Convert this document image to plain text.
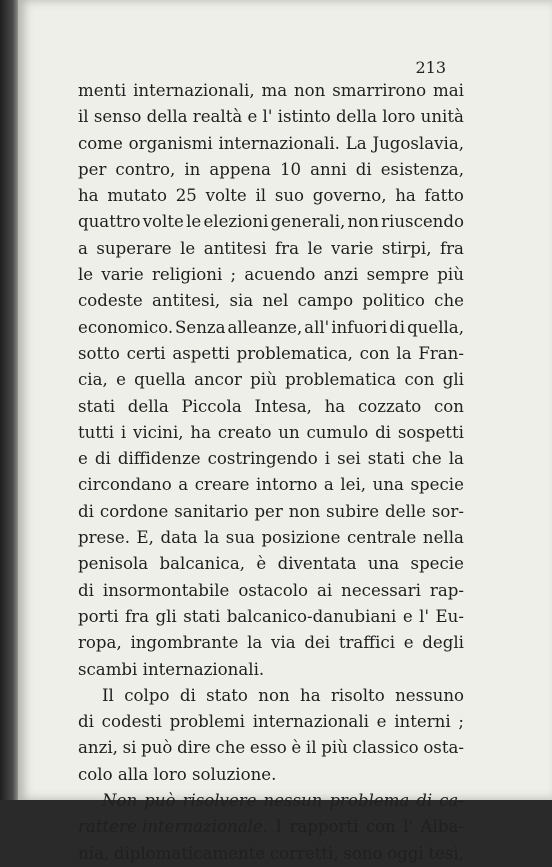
213
menti internazionali, ma non smarrirono mai
il senso della realtà e l' istinto della loro unità
come organismi internazionali. La Jugoslavia,
per contro, in appena 10 anni di esistenza,
ha mutato 25 volte il suo governo, ha fatto
quattro volte le elezioni generali, non riuscendo
a superare le antitesi fra le varie stirpi, fra
le varie religioni ; acuendo anzi sempre più
codeste antitesi, sia nel campo politico che
economico. Senza alleanze, all' infuori di quella,
sotto certi aspetti problematica, con la Fran-
cia, e quella ancor più problematica con gli
stati della Piccola Intesa, ha cozzato con
tutti i vicini, ha creato un cumulo di sospetti
e di diffidenze costringendo i sei stati che la
circondano a creare intorno a lei, una specie
di cordone sanitario per non subire delle sor-
prese. E, data la sua posizione centrale nella
penisola balcanica, è diventata una specie
di insormontabile ostacolo ai necessari rap-
porti fra gli stati balcanico-danubiani e l' Eu-
ropa, ingombrante la via dei traffici e degli
scambi internazionali.
Il colpo di stato non ha risolto nessuno
di codesti problemi internazionali e interni ;
anzi, si può dire che esso è il più classico osta-
colo alla loro soluzione.
Non può risolvere nessun problema di ca-
rattere internazionale. I rapporti con l' Alba-
nia, diplomaticamente corretti, sono oggi tesi,
